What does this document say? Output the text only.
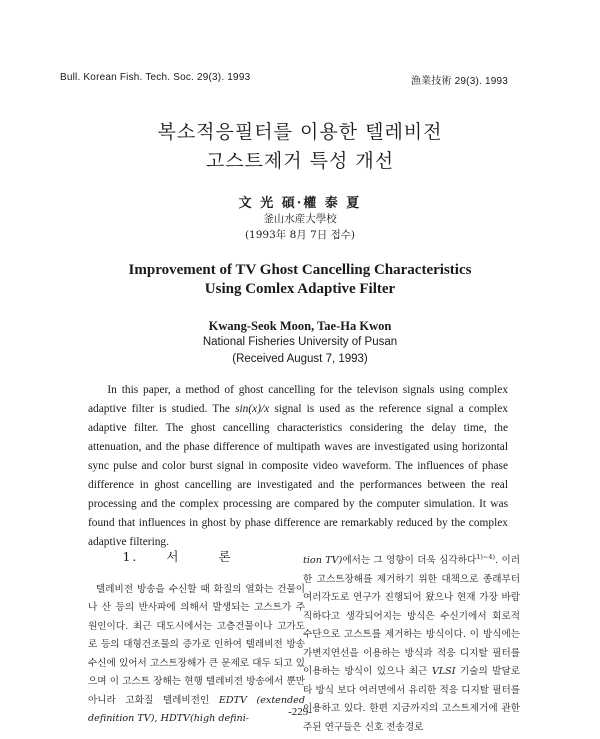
Bull. Korean Fish. Tech. Soc. 29(3). 1993	漁業技術 29(3). 1993
복소적응필터를 이용한 텔레비전
고스트제거 특성 개선
文 光 碩·權 泰 夏
釜山水産大學校
(1993年 8月 7日 접수)
Improvement of TV Ghost Cancelling Characteristics
Using Comlex Adaptive Filter
Kwang-Seok Moon, Tae-Ha Kwon
National Fisheries University of Pusan
(Received August 7, 1993)

In this paper, a method of ghost cancelling for the televison signals using complex adaptive filter is studied. The sin(x)/x signal is used as the reference signal a complex adaptive filter. The ghost cancelling characteristics considering the delay time, the attenuation, and the phase difference of multipath waves are investigated using horizontal sync pulse and color burst signal in composite video waveform. The influences of phase difference in ghost cancelling are investigated and the performances between the real processing and the complex processing are compared by the computer simulation. It was found that influences in ghost by phase difference are remarkably reduced by the complex adaptive filtering.

1. 서론

텔레비전 방송을 수신할 때 화질의 열화는 건물이나 산 등의 반사파에 의해서 발생되는 고스트가 주 원인이다. 최근 대도시에서는 고층건물이나 고가도로 등의 대형건조물의 증가로 인하여 텔레비전 방송 수신에 있어서 고스트장해가 큰 문제로 대두 되고 있으며 이 고스트 장해는 현행 텔레비전 방송에서 뿐만 아니라 고화질 텔레비전인 EDTV (extended definition TV), HDTV(high defini-

tion TV)에서는 그 영향이 더욱 심각하다$^{1)\sim 4)}$. 이러한 고스트장해를 제거하기 위한 대책으로 종래부터 여러각도로 연구가 진행되어 왔으나 현재 가장 바람직하다고 생각되어지는 방식은 수신기에서 회로적 수단으로 고스트를 제거하는 방식이다. 이 방식에는 가변지연선을 이용하는 방식과 적응 디지탈 필터를 이용하는 방식이 있으나 최근 VLSI 기술의 발달로 타 방식 보다 여러면에서 유리한 적응 디지탈 필터를 이용하고 있다. 한편 지금까지의 고스트제거에 관한 주된 연구들은 신호 전송경로

-229-
